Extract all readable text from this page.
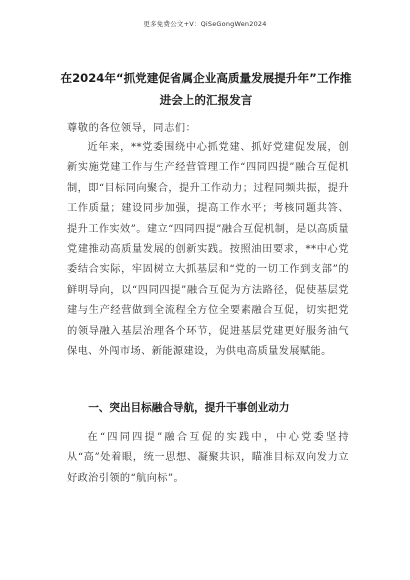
更多免费公文+V：QiSeGongWen2024
在2024年“抓党建促省属企业高质量发展提升年”工作推进会上的汇报发言
尊敬的各位领导，同志们：

近年来，**党委围绕中心抓党建、抓好党建促发展，创新实施党建工作与生产经营管理工作“四同四提”融合互促机制，即“目标同向聚合，提升工作动力；过程同频共振，提升工作质量；建设同步加强，提高工作水平；考核同题共答、提升工作实效”。建立“四同四提”融合互促机制，是以高质量党建推动高质量发展的创新实践。按照油田要求，**中心党委结合实际，牢固树立大抓基层和“党的一切工作到支部”的鲜明导向，以“四同四提”融合互促为方法路径，促使基层党建与生产经营做到全流程全方位全要素融合互促，切实把党的领导融入基层治理各个环节，促进基层党建更好服务油气保电、外闯市场、新能源建设，为供电高质量发展赋能。

一、突出目标融合导航，提升干事创业动力

在“四同四提”融合互促的实践中，中心党委坚持从“高”处着眼，统一思想、凝聚共识，瞄准目标双向发力立好政治引领的“航向标”。
